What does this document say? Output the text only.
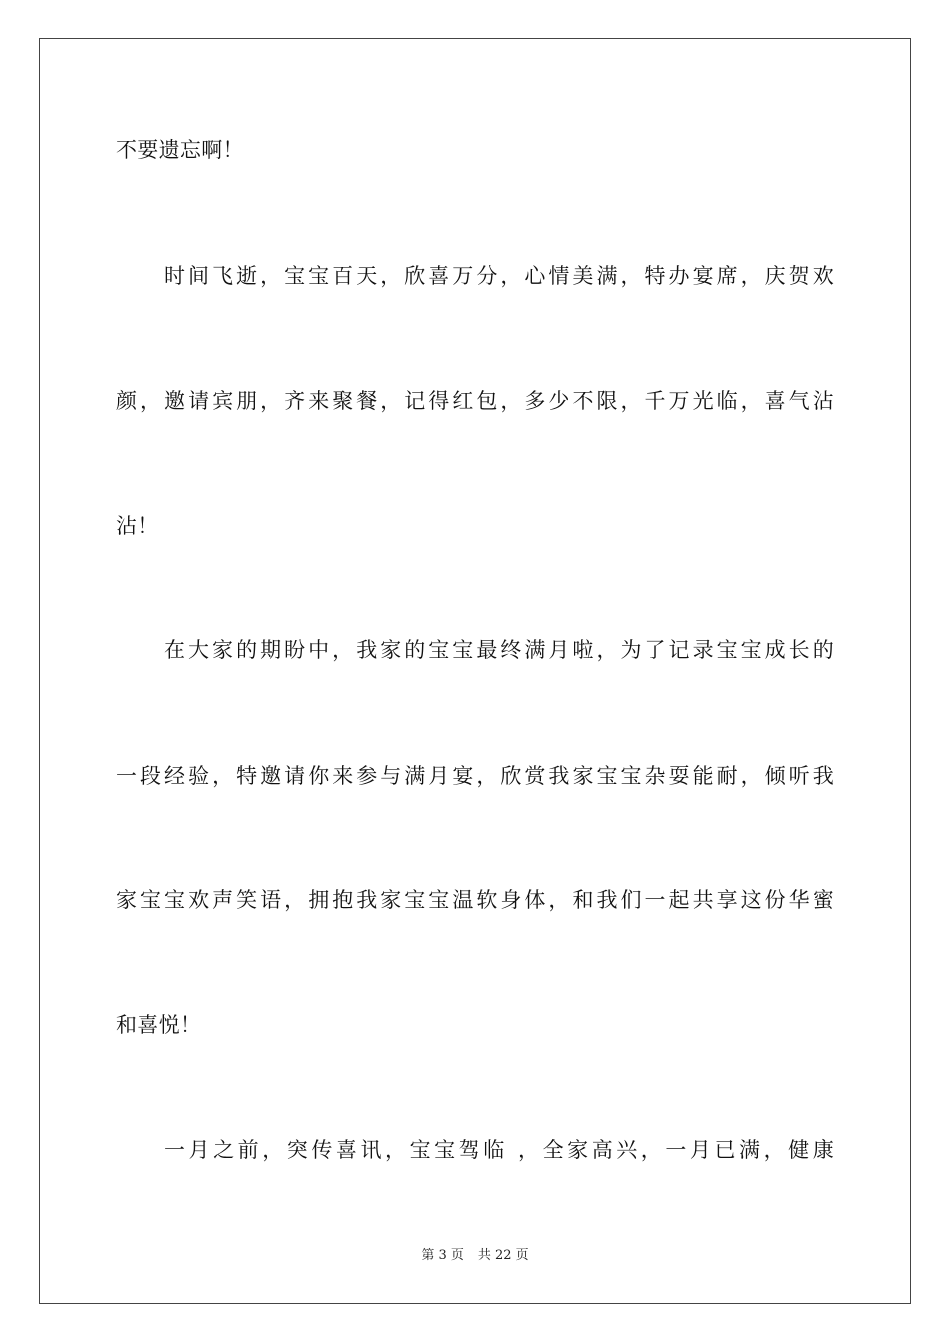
不要遗忘啊！
时间飞逝，宝宝百天，欣喜万分，心情美满，特办宴席，庆贺欢
颜，邀请宾朋，齐来聚餐，记得红包，多少不限，千万光临，喜气沾
沾！
在大家的期盼中，我家的宝宝最终满月啦，为了记录宝宝成长的
一段经验，特邀请你来参与满月宴，欣赏我家宝宝杂耍能耐，倾听我
家宝宝欢声笑语，拥抱我家宝宝温软身体，和我们一起共享这份华蜜
和喜悦！
一月之前，突传喜讯，宝宝驾临 ，全家高兴，一月已满，健康
第 3 页 共 22 页
